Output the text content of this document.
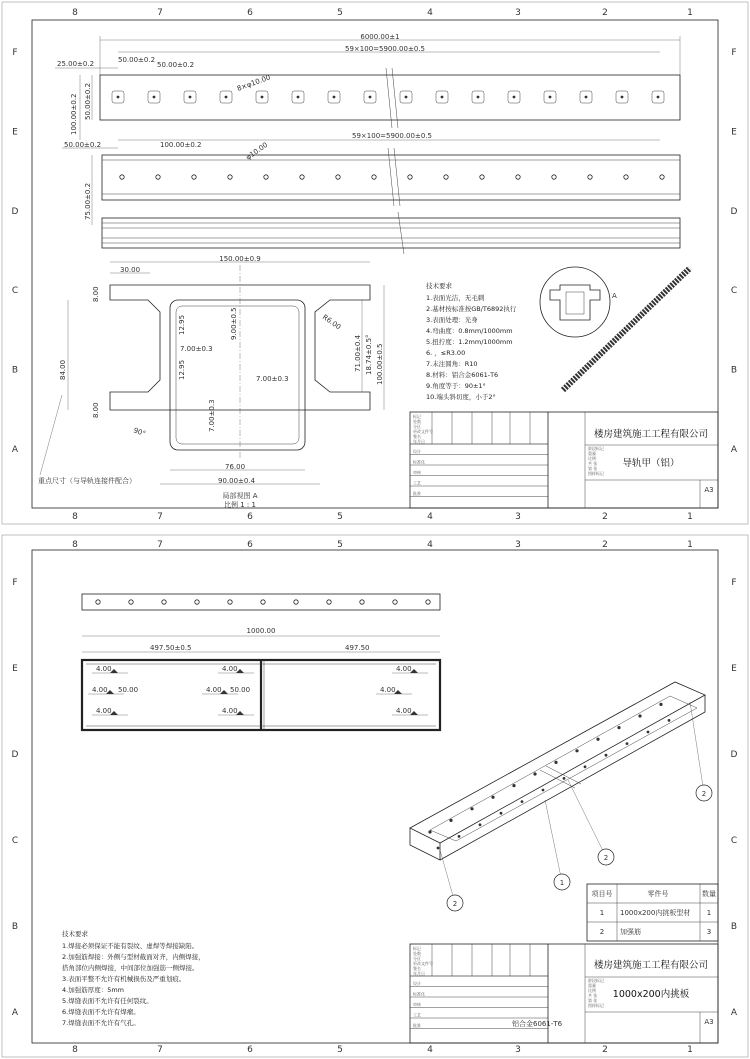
8
8
7
7
6
6
5
5
4
4
3
3
2
2
1
1
F	F
E	E
D	D
C	C
B	B
A	A
6000.00±1
59×100=5900.00±0.5
25.00±0.2	50.00±0.2
50.00±0.2
8×φ10.00
100.00±0.2 50.00±0.2
59×100=5900.00±0.5
50.00±0.2	100.00±0.2	φ10.00
75.00±0.2
150.00±0.9
30.00
8.00
8.00
12.95
12.95
7.00±0.3
7.00±0.3
7.00±0.3
9.00±0.5	R6.00
71.00±0.4 18.74±0.5° 100.00±0.5
84.00
76.00
90.00±0.4
90°
重点尺寸（与导轨连接件配合）
局部视图 A
比例 1 : 1
技术要求
1.表面光洁，无毛刺
2.基材按标准按GB/T6892执行
3.表面处理：光身
4.弯曲度：0.8mm/1000mm
5.扭拧度：1.2mm/1000mm
6. ，≤R3.00
7.未注圆角：R10
8.材料：铝合金6061-T6
9.角度等于：90±1°
10.端头斜切度，小于2°
A
标记
处数
分区
更改文件号
签名
年月日
设计
标准化
审核
工艺
批准
阶段标记
重量
比例
共 张
第 张
图样标记
楼房建筑施工工程有限公司
导轨甲（铝）
A3
8
8
7
7
6
6
5
5
4
4
3
3
2
2
1
1
F	F
E	E
D	D
C	C
B	B
A	A
1000.00
497.50±0.5	497.50
4.00	4.00	4.00
4.00	4.00	4.00
4.00	4.00	4.00
50.00	50.00
1
2
2
2
项目号	零件号	数量
1 1000x200内挑板型材 1
2 加强筋	3
技术要求
1.焊接必须保证不能有裂纹、虚焊等焊接缺陷。
2.加强筋焊接：外侧与型材截面对齐，内侧焊接，
搭角部位内侧焊接，中间部位加强筋一侧焊接。
3.表面平整不允许有机械损伤及严重划痕。
4.加强筋厚度：5mm
5.焊缝表面不允许有任何裂纹。
6.焊缝表面不允许有焊瘤。
7.焊缝表面不允许有气孔。
标记
处数
分区
更改文件号
签名
年月日
设计
标准化
审核
工艺
批准
阶段标记
重量
比例
共 张
第 张
图样标记
楼房建筑施工工程有限公司
1000x200内挑板
A3
铝合金6061-T6
